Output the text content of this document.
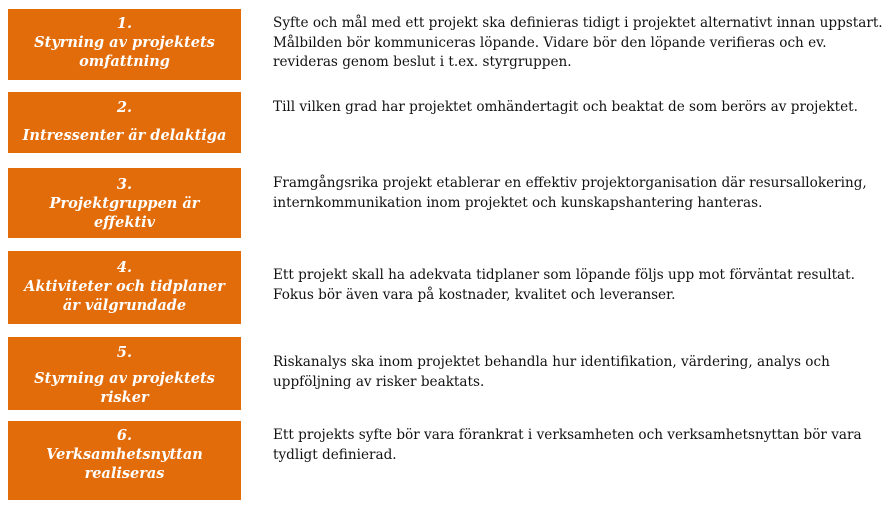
1.
Styrning av projektets
omfattning
Syfte och mål med ett projekt ska definieras tidigt i projektet alternativt innan uppstart.
Målbilden bör kommuniceras löpande. Vidare bör den löpande verifieras och ev.
revideras genom beslut i t.ex. styrgruppen.
2.
Intressenter är delaktiga
Till vilken grad har projektet omhändertagit och beaktat de som berörs av projektet.
3.
Projektgruppen är
effektiv
Framgångsrika projekt etablerar en effektiv projektorganisation där resursallokering,
internkommunikation inom projektet och kunskapshantering hanteras.
4.
Aktiviteter och tidplaner
är välgrundade
Ett projekt skall ha adekvata tidplaner som löpande följs upp mot förväntat resultat.
Fokus bör även vara på kostnader, kvalitet och leveranser.
5.
Styrning av projektets
risker
Riskanalys ska inom projektet behandla hur identifikation, värdering, analys och
uppföljning av risker beaktats.
6.
Verksamhetsnyttan
realiseras
Ett projekts syfte bör vara förankrat i verksamheten och verksamhetsnyttan bör vara
tydligt definierad.
